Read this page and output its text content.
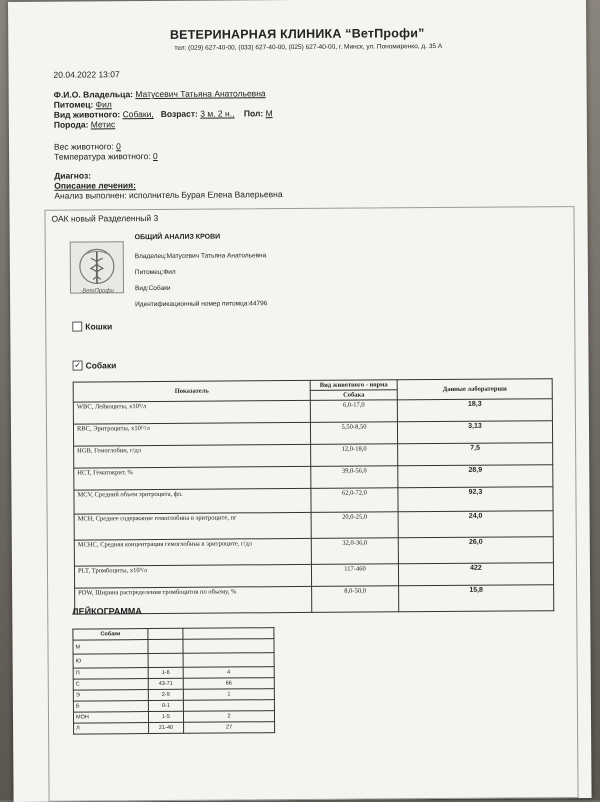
ВЕТЕРИНАРНАЯ КЛИНИКА “ВетПрофи”
тел: (029) 627-40-00, (033) 627-40-00, (025) 627-40-00, г. Минск, ул. Пономаренко, д. 35 А
20.04.2022 13:07
Ф.И.О. Владельца: Матусевич Татьяна Анатольевна
Питомец: Фил
Вид животного: Собаки, Возраст: 3 м. 2 н., Пол: М
Порода: Метис
Вес животного: 0
Температура животного: 0
Диагноз:
Описание лечения:
Анализ выполнен: исполнитель Бурая Елена Валерьевна
ОАК новый Разделенный 3
ВетПрофи
ОБЩИЙ АНАЛИЗ КРОВИ
Владелец:Матусевич Татьяна Анатольевна
Питомец:Фил
Вид:Собаки
Идентификационный номер питомца:44796
Кошки
✓ Собаки
Показатель	Вид животного - норма	Данные лабораторши
	Собака	
WBC, Лейкоциты, х10⁹/л	6,0-17,0	18,3
RBC, Эритроциты, х10¹²/л	5,50-8,50	3,13
HGB, Гемоглобин, г/дл	12,0-18,0	7,5
HCT, Гематокрит, %	39,0-56,0	28,9
MCV, Средний объем эритроцита, фл.	62,0-72,0	92,3
MCH, Среднее содержание гемоглобина в эритроците, пг	20,0-25,0	24,0
MCHC, Средняя концентрация гемоглобина в эритроците, г/дл	32,0-36,0	26,0
PLT, Тромбоциты, х10⁹/л	117-460	422
PDW, Ширина распределения тромбоцитов по объему, %	8,0-50,0	15,8
ЛЕЙКОГРАММА
Собаки		
М		
Ю		
П	1-6	4
С	43-71	66
Э	2-9	1
Б	0-1	
МОН	1-5	2
Л	21-40	27
